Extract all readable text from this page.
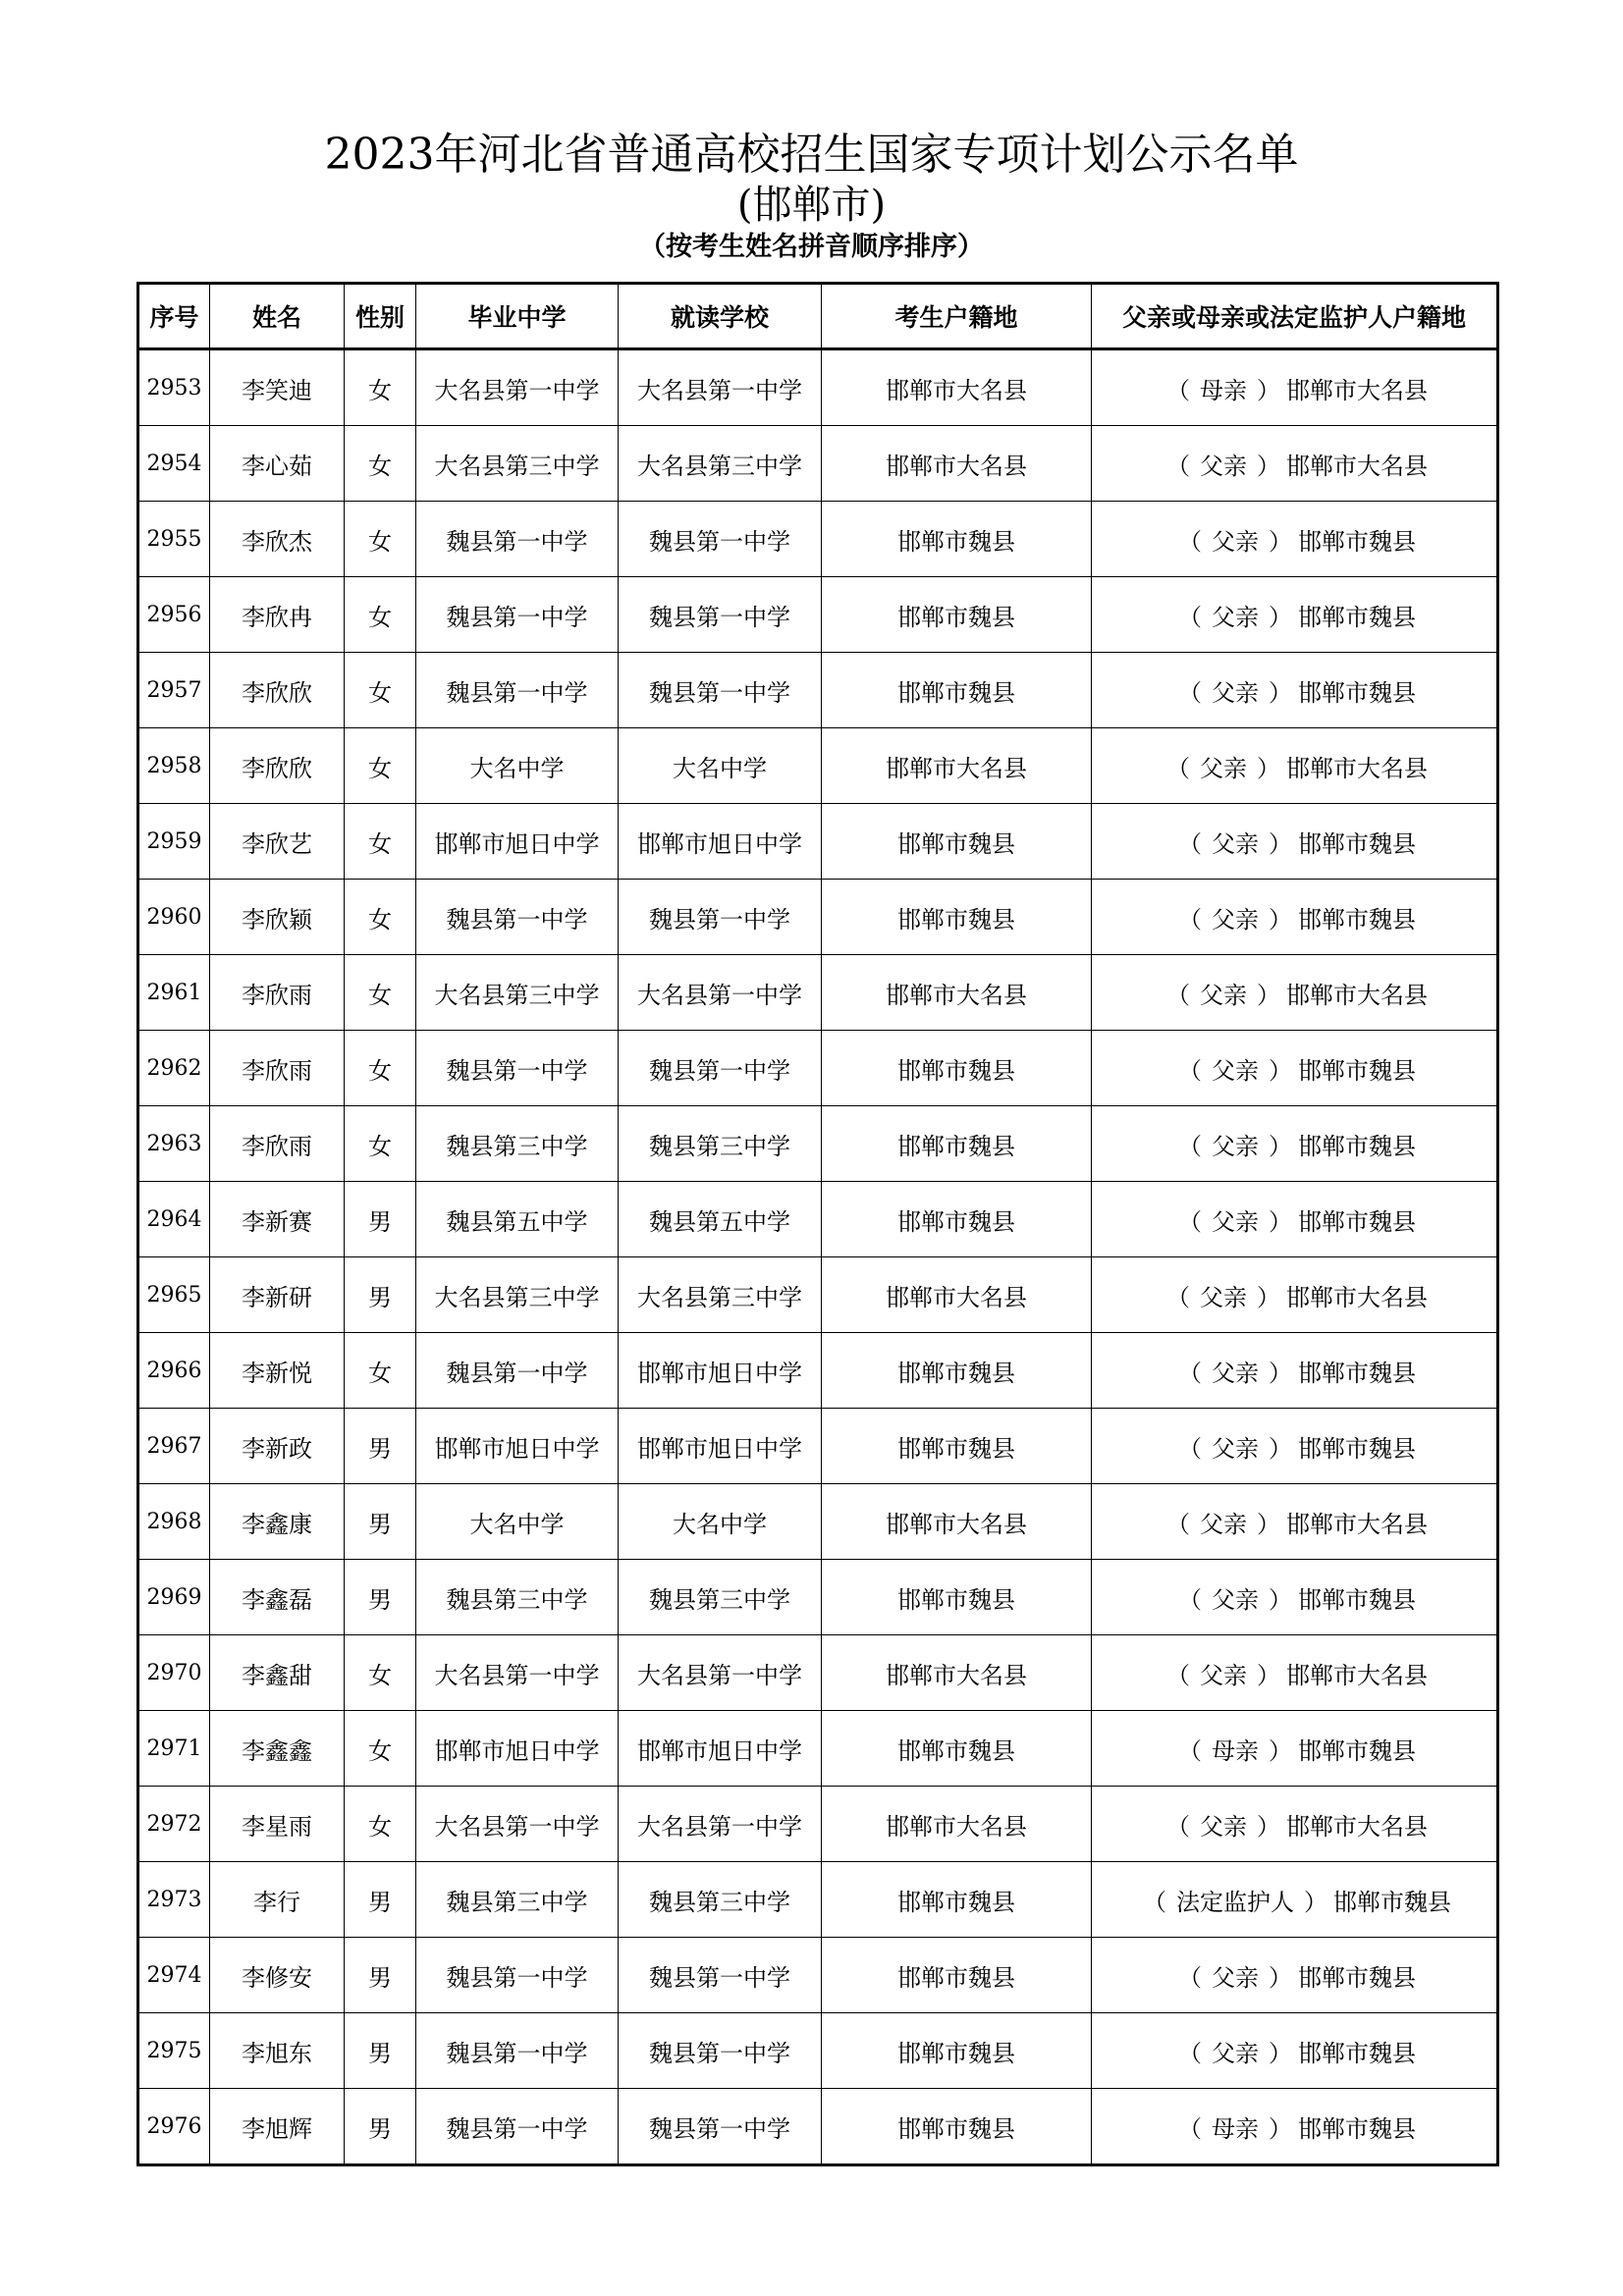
2023年河北省普通高校招生国家专项计划公示名单
(邯郸市)
（按考生姓名拼音顺序排序）
序号	姓名	性别	毕业中学	就读学校	考生户籍地	父亲或母亲或法定监护人户籍地
2953	李笑迪	女	大名县第一中学	大名县第一中学	邯郸市大名县	（ 母亲 ） 邯郸市大名县
2954	李心茹	女	大名县第三中学	大名县第三中学	邯郸市大名县	（ 父亲 ） 邯郸市大名县
2955	李欣杰	女	魏县第一中学	魏县第一中学	邯郸市魏县	（ 父亲 ） 邯郸市魏县
2956	李欣冉	女	魏县第一中学	魏县第一中学	邯郸市魏县	（ 父亲 ） 邯郸市魏县
2957	李欣欣	女	魏县第一中学	魏县第一中学	邯郸市魏县	（ 父亲 ） 邯郸市魏县
2958	李欣欣	女	大名中学	大名中学	邯郸市大名县	（ 父亲 ） 邯郸市大名县
2959	李欣艺	女	邯郸市旭日中学	邯郸市旭日中学	邯郸市魏县	（ 父亲 ） 邯郸市魏县
2960	李欣颖	女	魏县第一中学	魏县第一中学	邯郸市魏县	（ 父亲 ） 邯郸市魏县
2961	李欣雨	女	大名县第三中学	大名县第一中学	邯郸市大名县	（ 父亲 ） 邯郸市大名县
2962	李欣雨	女	魏县第一中学	魏县第一中学	邯郸市魏县	（ 父亲 ） 邯郸市魏县
2963	李欣雨	女	魏县第三中学	魏县第三中学	邯郸市魏县	（ 父亲 ） 邯郸市魏县
2964	李新赛	男	魏县第五中学	魏县第五中学	邯郸市魏县	（ 父亲 ） 邯郸市魏县
2965	李新研	男	大名县第三中学	大名县第三中学	邯郸市大名县	（ 父亲 ） 邯郸市大名县
2966	李新悦	女	魏县第一中学	邯郸市旭日中学	邯郸市魏县	（ 父亲 ） 邯郸市魏县
2967	李新政	男	邯郸市旭日中学	邯郸市旭日中学	邯郸市魏县	（ 父亲 ） 邯郸市魏县
2968	李鑫康	男	大名中学	大名中学	邯郸市大名县	（ 父亲 ） 邯郸市大名县
2969	李鑫磊	男	魏县第三中学	魏县第三中学	邯郸市魏县	（ 父亲 ） 邯郸市魏县
2970	李鑫甜	女	大名县第一中学	大名县第一中学	邯郸市大名县	（ 父亲 ） 邯郸市大名县
2971	李鑫鑫	女	邯郸市旭日中学	邯郸市旭日中学	邯郸市魏县	（ 母亲 ） 邯郸市魏县
2972	李星雨	女	大名县第一中学	大名县第一中学	邯郸市大名县	（ 父亲 ） 邯郸市大名县
2973	李行	男	魏县第三中学	魏县第三中学	邯郸市魏县	（ 法定监护人 ） 邯郸市魏县
2974	李修安	男	魏县第一中学	魏县第一中学	邯郸市魏县	（ 父亲 ） 邯郸市魏县
2975	李旭东	男	魏县第一中学	魏县第一中学	邯郸市魏县	（ 父亲 ） 邯郸市魏县
2976	李旭辉	男	魏县第一中学	魏县第一中学	邯郸市魏县	（ 母亲 ） 邯郸市魏县
